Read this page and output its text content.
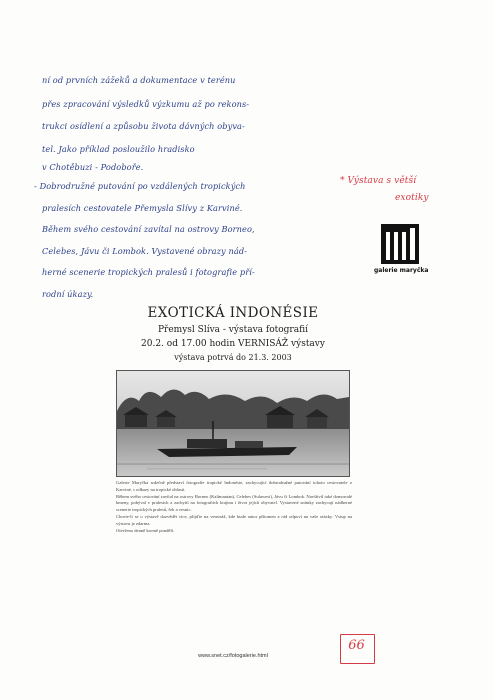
ní od prvních zážeků a dokumentace v terénu
přes zpracování výsledků výzkumu až po rekons-
trukci osídlení a způsobu života dávných obyva-
tel. Jako příklad posloužilo hradisko
v Chotěbuzi - Podoboře.
- Dobrodružné putování po vzdálených tropických
pralesích cestovatele Přemysla Slívy z Karviné.
Během svého cestování zavítal na ostrovy Borneo,
Celebes, Jávu či Lombok. Vystavené obrazy nád-
herné scenerie tropických pralesů i fotografie pří-
rodní úkazy.
* Výstava s větší
exotiky
galerie maryčka
EXOTICKÁ INDONÉSIE
Přemysl Slíva - výstava fotografií
20.2. od 17.00 hodin VERNISÁŽ výstavy
výstava potrvá do 21.3. 2003

Galerie Maryčka srdečně představí fotografie tropické Indonésie, zachycující dobrodružné putování tohoto cestovatele z Karviné, s odkazy na tropické oblasti.

Během svého cestování zavítal na ostrovy Borneo (Kalimantan), Celebes (Sulawesi), Jávu či Lombok. Navštívil také domorodé kmeny, pobýval v pralesích a zachytil na fotografiích krajinu i život jejích obyvatel. Vystavené snímky zachycují nádherné scenerie tropických pralesů, řek a vesnic.

Chcete-li se o výstavě dozvědět více, přijďte na vernisáž, kde bude autor přítomen a rád odpoví na vaše otázky. Vstup na výstavu je zdarma.

Otevřeno denně kromě pondělí.

www.snet.cz/fotogalerie.html
66
